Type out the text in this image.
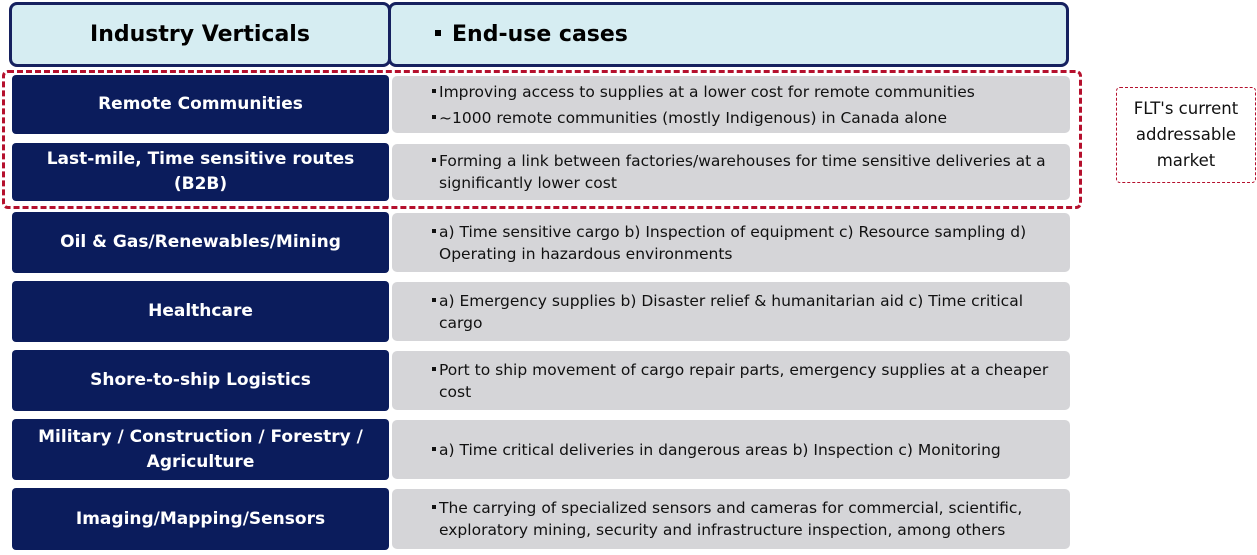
Industry Verticals	End-use cases
Remote Communities
Improving access to supplies at a lower cost for remote communities
~1000 remote communities (mostly Indigenous) in Canada alone
Last-mile, Time sensitive routes (B2B)
Forming a link between factories/warehouses for time sensitive deliveries at a significantly lower cost
Oil & Gas/Renewables/Mining
a) Time sensitive cargo b) Inspection of equipment c) Resource sampling d) Operating in hazardous environments
Healthcare
a) Emergency supplies b) Disaster relief & humanitarian aid c) Time critical cargo
Shore-to-ship Logistics
Port to ship movement of cargo repair parts, emergency supplies at a cheaper cost
Military / Construction / Forestry / Agriculture
a) Time critical deliveries in dangerous areas b) Inspection c) Monitoring
Imaging/Mapping/Sensors
The carrying of specialized sensors and cameras for commercial, scientific, exploratory mining, security and infrastructure inspection, among others
FLT's current addressable market
